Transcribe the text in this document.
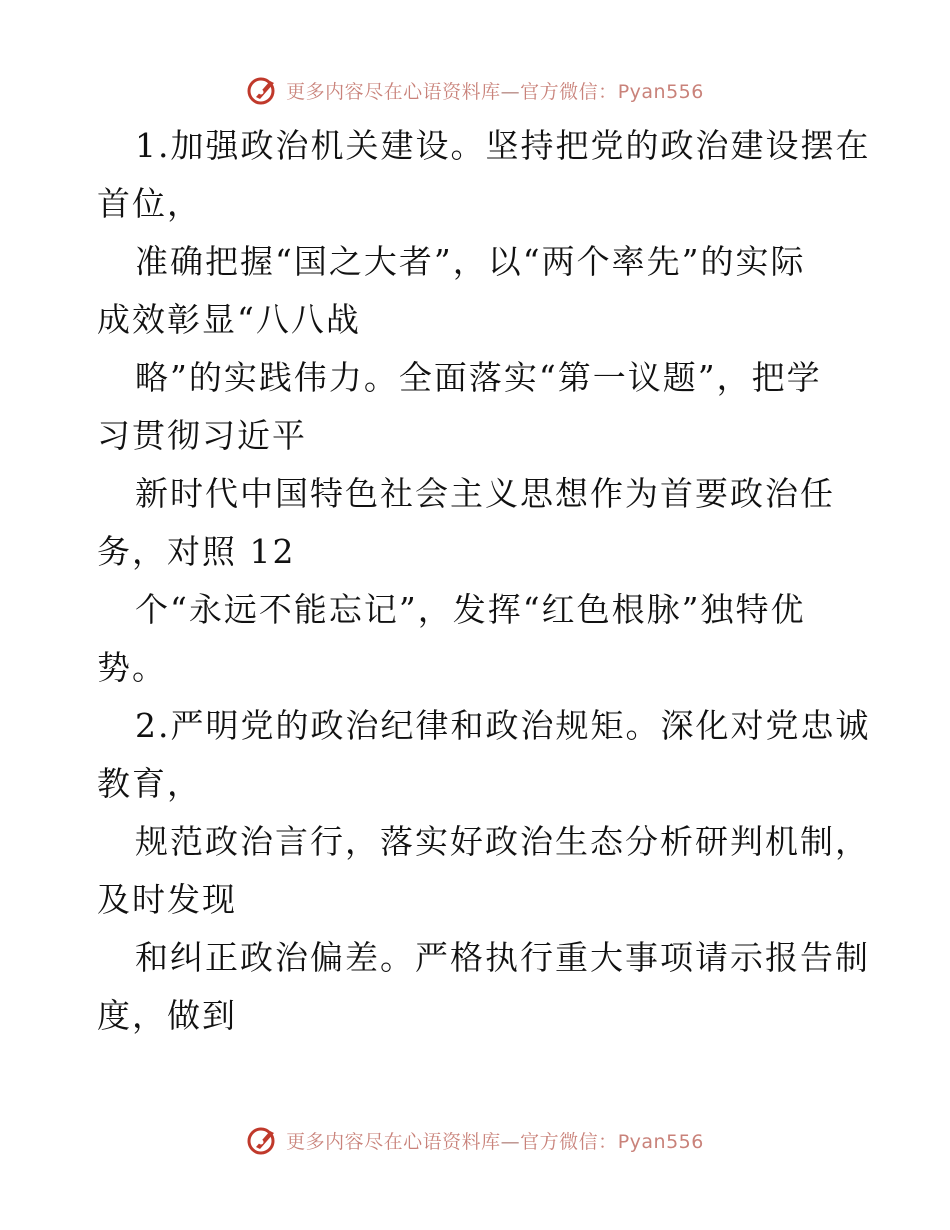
更多内容尽在心语资料库—官方微信：Pyan556
1.加强政治机关建设。坚持把党的政治建设摆在
首位，
准确把握“国之大者”，以“两个率先”的实际
成效彰显“八八战
略”的实践伟力。全面落实“第一议题”，把学
习贯彻习近平
新时代中国特色社会主义思想作为首要政治任
务，对照 12
个“永远不能忘记”，发挥“红色根脉”独特优
势。
2.严明党的政治纪律和政治规矩。深化对党忠诚
教育，
规范政治言行，落实好政治生态分析研判机制，
及时发现
和纠正政治偏差。严格执行重大事项请示报告制
度，做到
更多内容尽在心语资料库—官方微信：Pyan556
